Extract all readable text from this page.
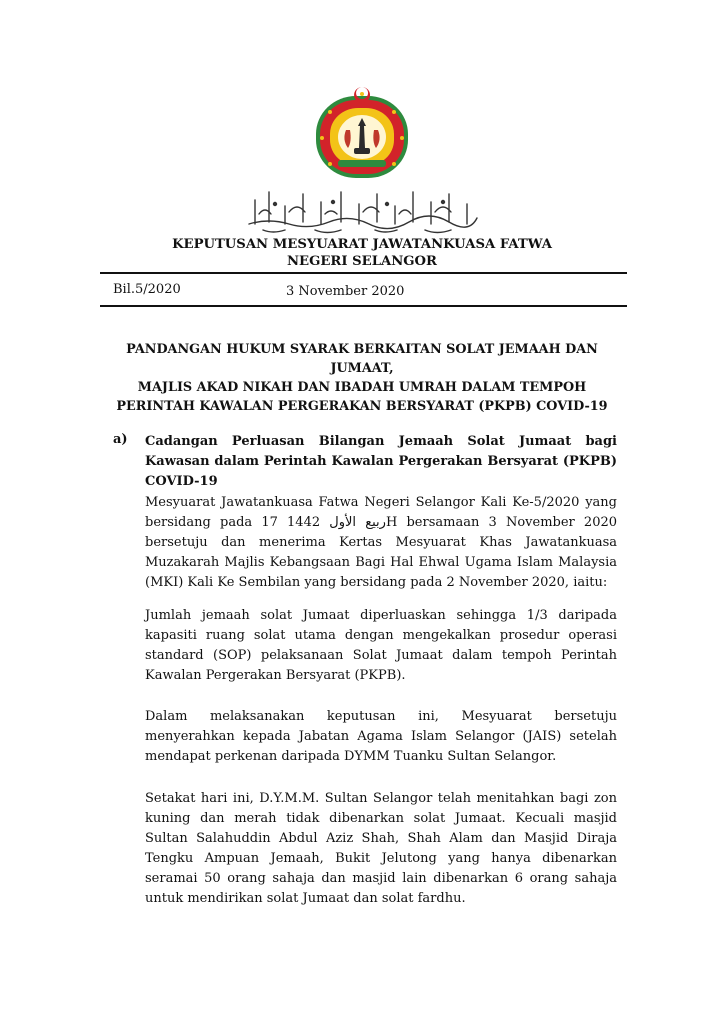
KEPUTUSAN MESYUARAT JAWATANKUASA FATWA
NEGERI SELANGOR
Bil.5/2020	3 November 2020
PANDANGAN HUKUM SYARAK BERKAITAN SOLAT JEMAAH DAN JUMAAT,
MAJLIS AKAD NIKAH DAN IBADAH UMRAH DALAM TEMPOH
PERINTAH KAWALAN PERGERAKAN BERSYARAT (PKPB) COVID-19
a) Cadangan Perluasan Bilangan Jemaah Solat Jumaat bagi Kawasan dalam Perintah Kawalan Pergerakan Bersyarat (PKPB) COVID-19

Mesyuarat Jawatankuasa Fatwa Negeri Selangor Kali Ke-5/2020 yang bersidang pada 17 1442 ربيع الأولH bersamaan 3 November 2020 bersetuju dan menerima Kertas Mesyuarat Khas Jawatankuasa Muzakarah Majlis Kebangsaan Bagi Hal Ehwal Ugama Islam Malaysia (MKI) Kali Ke Sembilan yang bersidang pada 2 November 2020, iaitu:

Jumlah jemaah solat Jumaat diperluaskan sehingga 1/3 daripada kapasiti ruang solat utama dengan mengekalkan prosedur operasi standard (SOP) pelaksanaan Solat Jumaat dalam tempoh Perintah Kawalan Pergerakan Bersyarat (PKPB).

Dalam melaksanakan keputusan ini, Mesyuarat bersetuju menyerahkan kepada Jabatan Agama Islam Selangor (JAIS) setelah mendapat perkenan daripada DYMM Tuanku Sultan Selangor.

Setakat hari ini, D.Y.M.M. Sultan Selangor telah menitahkan bagi zon kuning dan merah tidak dibenarkan solat Jumaat. Kecuali masjid Sultan Salahuddin Abdul Aziz Shah, Shah Alam dan Masjid Diraja Tengku Ampuan Jemaah, Bukit Jelutong yang hanya dibenarkan seramai 50 orang sahaja dan masjid lain dibenarkan 6 orang sahaja untuk mendirikan solat Jumaat dan solat fardhu.
